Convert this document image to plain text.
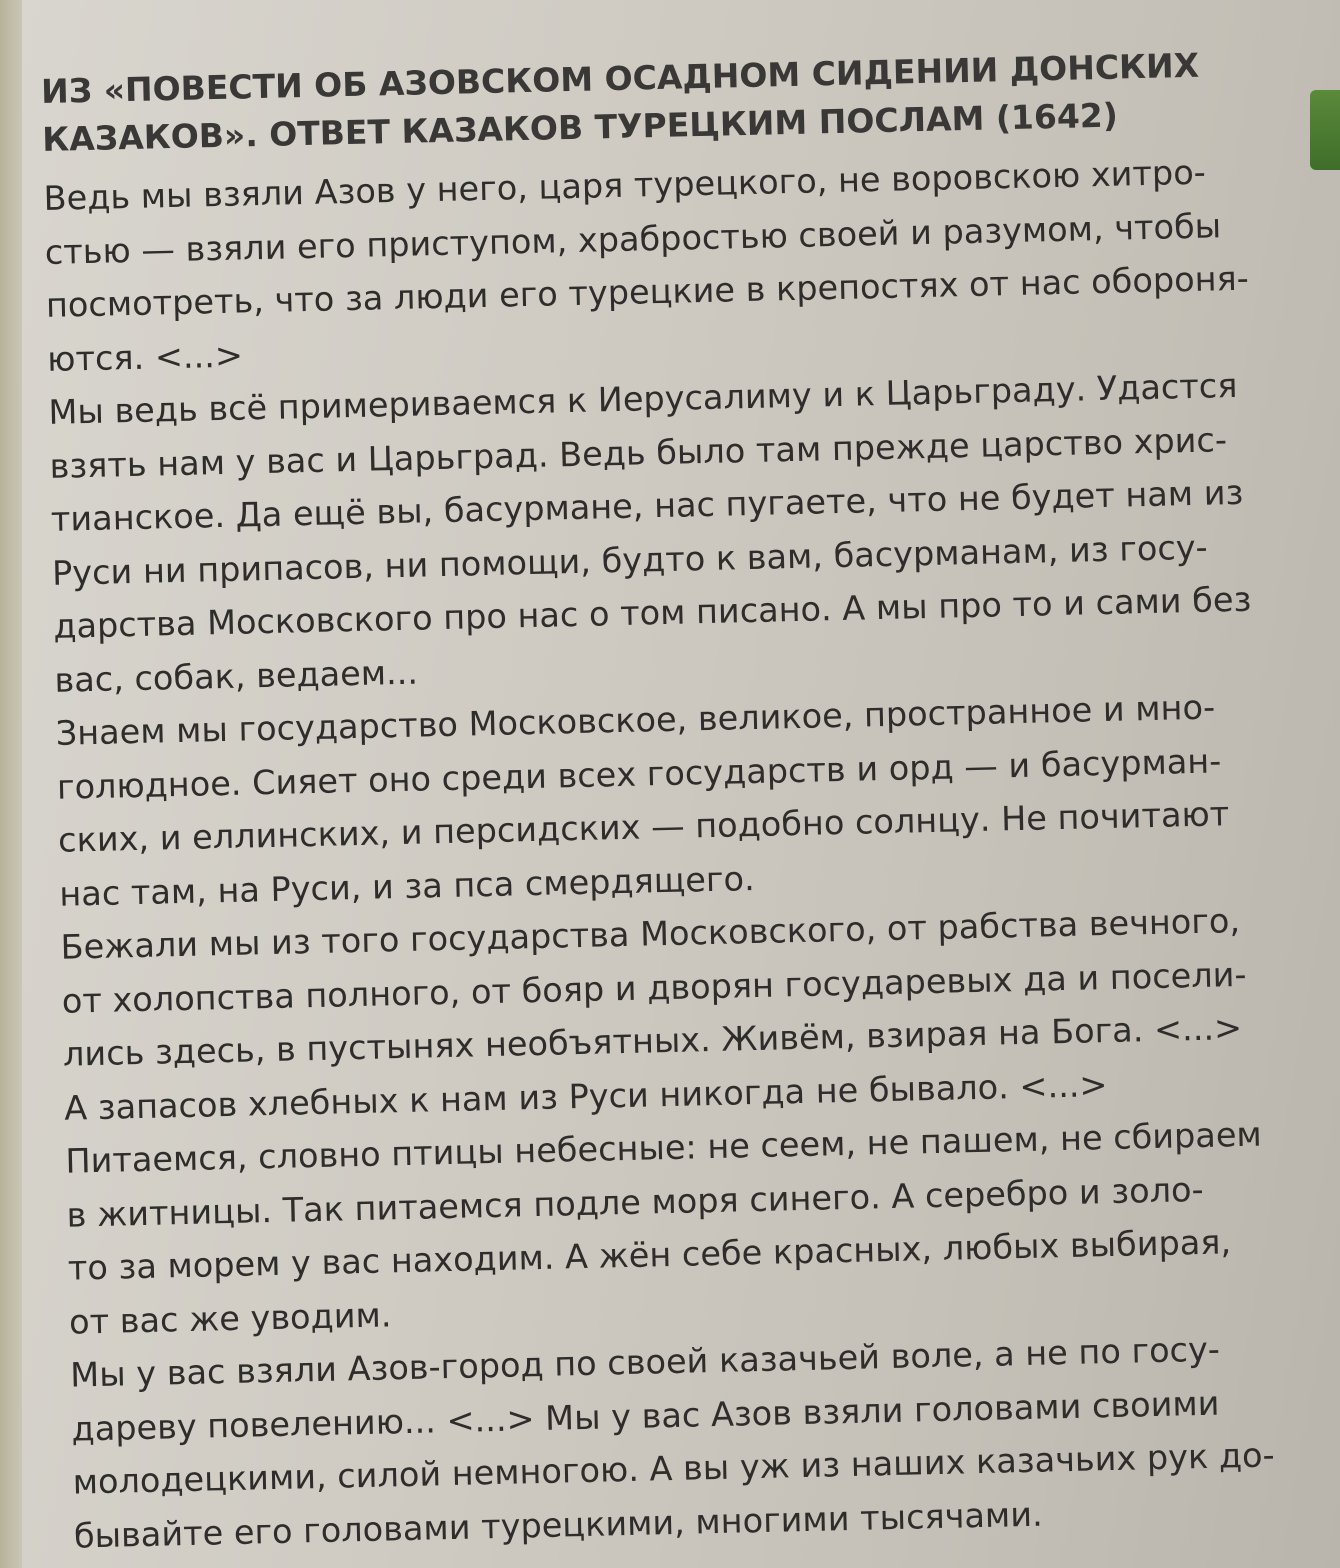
ИЗ «ПОВЕСТИ ОБ АЗОВСКОМ ОСАДНОМ СИДЕНИИ ДОНСКИХ
КАЗАКОВ». ОТВЕТ КАЗАКОВ ТУРЕЦКИМ ПОСЛАМ (1642)

Ведь мы взяли Азов у него, царя турецкого, не воровскою хитро-
стью — взяли его приступом, храбростью своей и разумом, чтобы
посмотреть, что за люди его турецкие в крепостях от нас обороня-
ются. <...>

Мы ведь всё примериваемся к Иерусалиму и к Царьграду. Удастся
взять нам у вас и Царьград. Ведь было там прежде царство хрис-
тианское. Да ещё вы, басурмане, нас пугаете, что не будет нам из
Руси ни припасов, ни помощи, будто к вам, басурманам, из госу-
дарства Московского про нас о том писано. А мы про то и сами без
вас, собак, ведаем...

Знаем мы государство Московское, великое, пространное и мно-
голюдное. Сияет оно среди всех государств и орд — и басурман-
ских, и еллинских, и персидских — подобно солнцу. Не почитают
нас там, на Руси, и за пса смердящего.

Бежали мы из того государства Московского, от рабства вечного,
от холопства полного, от бояр и дворян государевых да и посели-
лись здесь, в пустынях необъятных. Живём, взирая на Бога. <...>

А запасов хлебных к нам из Руси никогда не бывало. <...>

Питаемся, словно птицы небесные: не сеем, не пашем, не сбираем
в житницы. Так питаемся подле моря синего. А серебро и золо-
то за морем у вас находим. А жён себе красных, любых выбирая,
от вас же уводим.

Мы у вас взяли Азов-город по своей казачьей воле, а не по госу-
дареву повелению... <...> Мы у вас Азов взяли головами своими
молодецкими, силой немногою. А вы уж из наших казачьих рук до-
бывайте его головами турецкими, многими тысячами.
